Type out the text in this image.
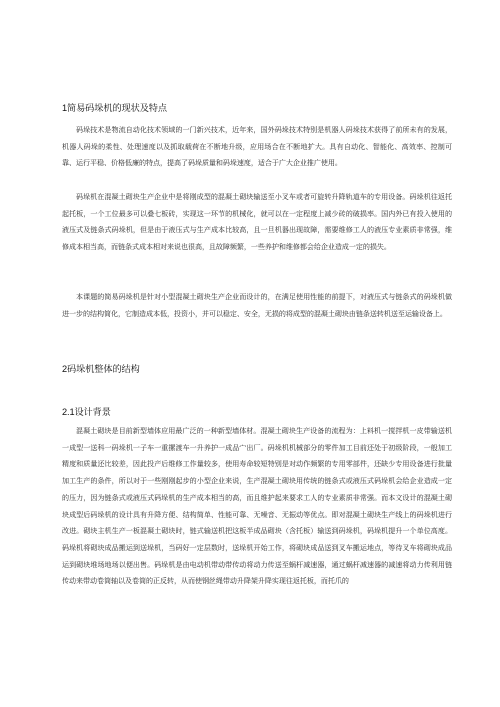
1简易码垛机的现状及特点
码垛技术是物流自动化技术领域的一门新兴技术，近年来，国外码垛技术特别是机器人码垛技术获得了前所未有的发展，机器人码垛的柔性、处理速度以及抓取载荷在不断地升级，应用场合在不断地扩大。具有自动化、智能化、高效率、控制可靠、运行平稳、价格低廉的特点，提高了码垛质量和码垛速度，适合于广大企业推广使用。
码垛机在混凝土砌块生产企业中是将刚成型的混凝土砌块输送至小叉车或者可旋转升降轨道车的专用设备。码垛机往返托起托板，一个工位最多可以叠七板砖，实现这一环节的机械化，就可以在一定程度上减少砖的破损率。国内外已有投入使用的液压式及链条式码垛机，但是由于液压式与生产成本比较高，且一旦机器出现故障，需要维修工人的液压专业素质非常强，维修成本相当高，而链条式成本相对来说也很高，且故障频繁，一些养护和维修都会给企业造成一定的损失。
本课题的简易码垛机是针对小型混凝土砌块生产企业而设计的，在满足使用性能的前提下，对液压式与链条式的码垛机做进一步的结构简化，它制造成本低，投资小，并可以稳定、安全，无损的将成型的混凝土砌块由链条送转机送至运输设备上。
2码垛机整体的结构
2.1设计背景
混凝土砌块是目前新型墙体应用最广泛的一种新型墙体材。混凝土砌块生产设备的流程为：上料机一搅拌机一皮带输送机一成型一送科一码垛机一子车一重摞渡车一升养护一成品宀出厂。码垛机机械部分的零件加工目前还处于初级阶段，一般加工精度和质量还比较差，因此投产后维修工作量较多，使用寿命较短特别是对动作频繁的专用零部件，还缺少专用设备进行批量加工生产的条件，所以对于一些刚刚起步的小型企业来说，生产混凝土砌块用传统的链条式或液压式码垛机会给企业造成一定的压力，因为链条式或液压式码垛机的生产成本相当的高，而且维护起来要求工人的专业素质非常强。而本文设计的混凝土砌块成型后码垛机的设计具有升降方便、结构简单、性能可靠、无噪音、无振动等优点。即对混凝土砌块生产线上的码垛机进行改进。砌块主机生产一板混凝土砌块时，链式输送机把这板半成品砌块（含托板）输送到码垛机，码垛机提升一个单位高度。码垛机将砌块成品搬运到送垛机，当码好一定层数时，送垛机开始工作，将砌块成品送到叉车搬运地点，等待叉车将砌块成品运到砌块堆场地场以便出售。码垛机是由电动机带动带传动将动力传送至蜗杆减速器，通过蜗杆减速器的减速将动力传利用链传动来带动卷筒轴以及卷筒的正反转，从而使钢丝绳带动升降架升降实现往返托板，而托爪的
